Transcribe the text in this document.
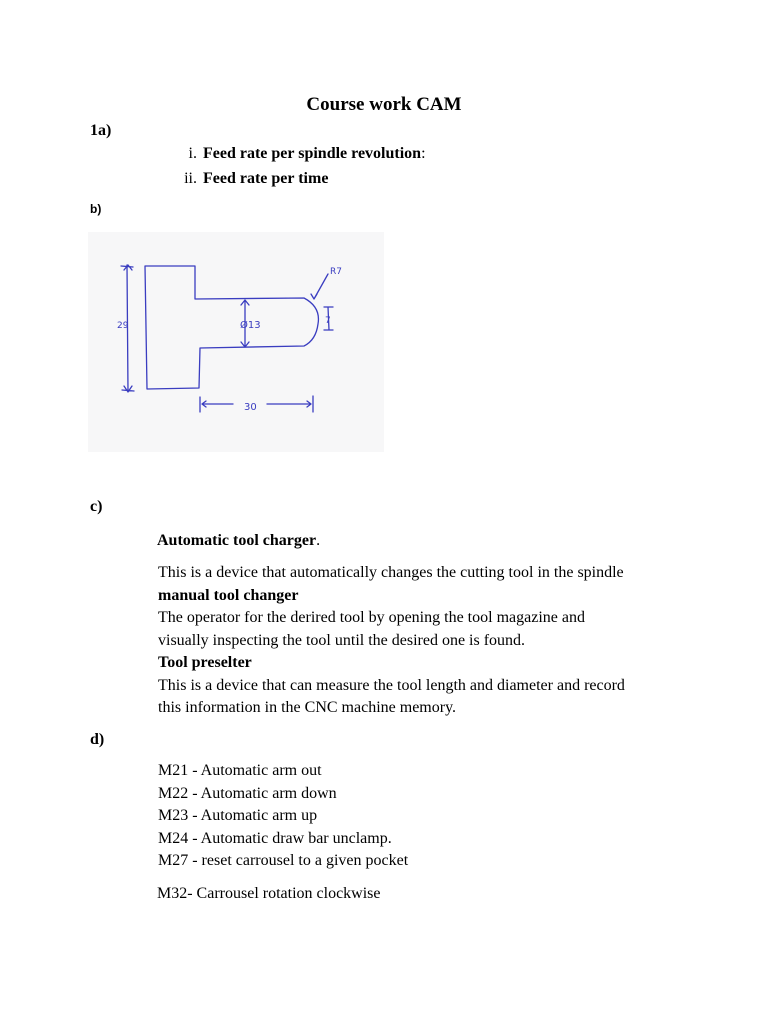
Course work CAM
1a)
i. Feed rate per spindle revolution:
ii. Feed rate per time
b)
29	Ø13
30
R7
7
c)
Automatic tool charger.
This is a device that automatically changes the cutting tool in the spindle
manual tool changer
The operator for the derired tool by opening the tool magazine and
visually inspecting the tool until the desired one is found.
Tool preselter
This is a device that can measure the tool length and diameter and record
this information in the CNC machine memory.
d)
M21 - Automatic arm out
M22 - Automatic arm down
M23 - Automatic arm up
M24 - Automatic draw bar unclamp.
M27 - reset carrousel to a given pocket
M32- Carrousel rotation clockwise
